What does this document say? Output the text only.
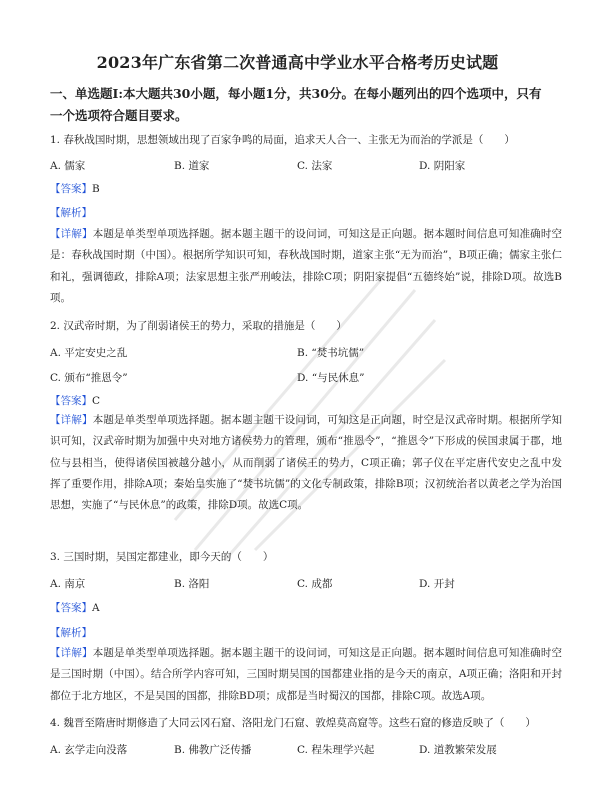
2023年广东省第二次普通高中学业水平合格考历史试题
一、单选题Ⅰ:本大题共30小题，每小题1分，共30分。在每小题列出的四个选项中，只有
一个选项符合题目要求。
1. 春秋战国时期，思想领域出现了百家争鸣的局面，追求天人合一、主张无为而治的学派是（　　）
A. 儒家	B. 道家	C. 法家	D. 阴阳家
【答案】B
【解析】
【详解】本题是单类型单项选择题。据本题主题干的设问词，可知这是正向题。据本题时间信息可知准确时空是：春秋战国时期（中国）。根据所学知识可知，春秋战国时期，道家主张“无为而治”，B项正确；儒家主张仁和礼，强调德政，排除A项；法家思想主张严刑峻法，排除C项；阴阳家提倡“五德终始”说，排除D项。故选B项。
2. 汉武帝时期，为了削弱诸侯王的势力，采取的措施是（　　）
A. 平定安史之乱	B. “焚书坑儒”
C. 颁布“推恩令”	D. “与民休息”
【答案】C
【详解】本题是单类型单项选择题。据本题主题干设问词，可知这是正向题，时空是汉武帝时期。根据所学知识可知，汉武帝时期为加强中央对地方诸侯势力的管理，颁布“推恩令”，“推恩令”下形成的侯国隶属于郡，地位与县相当，使得诸侯国被越分越小，从而削弱了诸侯王的势力，C项正确；郭子仪在平定唐代安史之乱中发挥了重要作用，排除A项；秦始皇实施了“焚书坑儒”的文化专制政策，排除B项；汉初统治者以黄老之学为治国思想，实施了“与民休息”的政策，排除D项。故选C项。
3. 三国时期，吴国定都建业，即今天的（　　）
A. 南京	B. 洛阳	C. 成都	D. 开封
【答案】A
【解析】
【详解】本题是单类型单项选择题。据本题主题干的设问词，可知这是正向题。据本题时间信息可知准确时空是三国时期（中国）。结合所学内容可知，三国时期吴国的国都建业指的是今天的南京，A项正确；洛阳和开封都位于北方地区，不是吴国的国都，排除BD项；成都是当时蜀汉的国都，排除C项。故选A项。
4. 魏晋至隋唐时期修造了大同云冈石窟、洛阳龙门石窟、敦煌莫高窟等。这些石窟的修造反映了（　　）
A. 玄学走向没落	B. 佛教广泛传播	C. 程朱理学兴起	D. 道教繁荣发展
